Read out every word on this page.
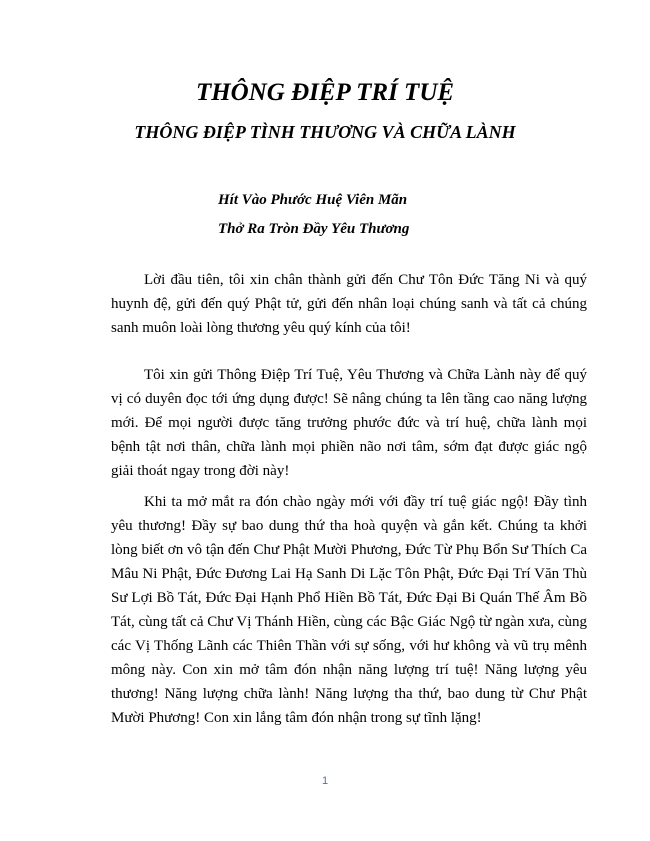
THÔNG ĐIỆP TRÍ TUỆ
THÔNG ĐIỆP TÌNH THƯƠNG VÀ CHỮA LÀNH

Hít Vào Phước Huệ Viên Mãn

Thở Ra Tròn Đầy Yêu Thương

Lời đầu tiên, tôi xin chân thành gửi đến Chư Tôn Đức Tăng Ni và quý huynh đệ, gửi đến quý Phật tử, gửi đến nhân loại chúng sanh và tất cả chúng sanh muôn loài lòng thương yêu quý kính của tôi!

Tôi xin gửi Thông Điệp Trí Tuệ, Yêu Thương và Chữa Lành này để quý vị có duyên đọc tới ứng dụng được! Sẽ nâng chúng ta lên tầng cao năng lượng mới. Để mọi người được tăng trưởng phước đức và trí huệ, chữa lành mọi bệnh tật nơi thân, chữa lành mọi phiền não nơi tâm, sớm đạt được giác ngộ giải thoát ngay trong đời này!

Khi ta mở mắt ra đón chào ngày mới với đầy trí tuệ giác ngộ! Đầy tình yêu thương! Đầy sự bao dung thứ tha hoà quyện và gắn kết. Chúng ta khởi lòng biết ơn vô tận đến Chư Phật Mười Phương, Đức Từ Phụ Bổn Sư Thích Ca Mâu Ni Phật, Đức Đương Lai Hạ Sanh Di Lặc Tôn Phật, Đức Đại Trí Văn Thù Sư Lợi Bồ Tát, Đức Đại Hạnh Phổ Hiền Bồ Tát, Đức Đại Bi Quán Thế Âm Bồ Tát, cùng tất cả Chư Vị Thánh Hiền, cùng các Bậc Giác Ngộ từ ngàn xưa, cùng các Vị Thống Lãnh các Thiên Thần với sự sống, với hư không và vũ trụ mênh mông này. Con xin mở tâm đón nhận năng lượng trí tuệ! Năng lượng yêu thương! Năng lượng chữa lành! Năng lượng tha thứ, bao dung từ Chư Phật Mười Phương! Con xin lắng tâm đón nhận trong sự tĩnh lặng!

1
